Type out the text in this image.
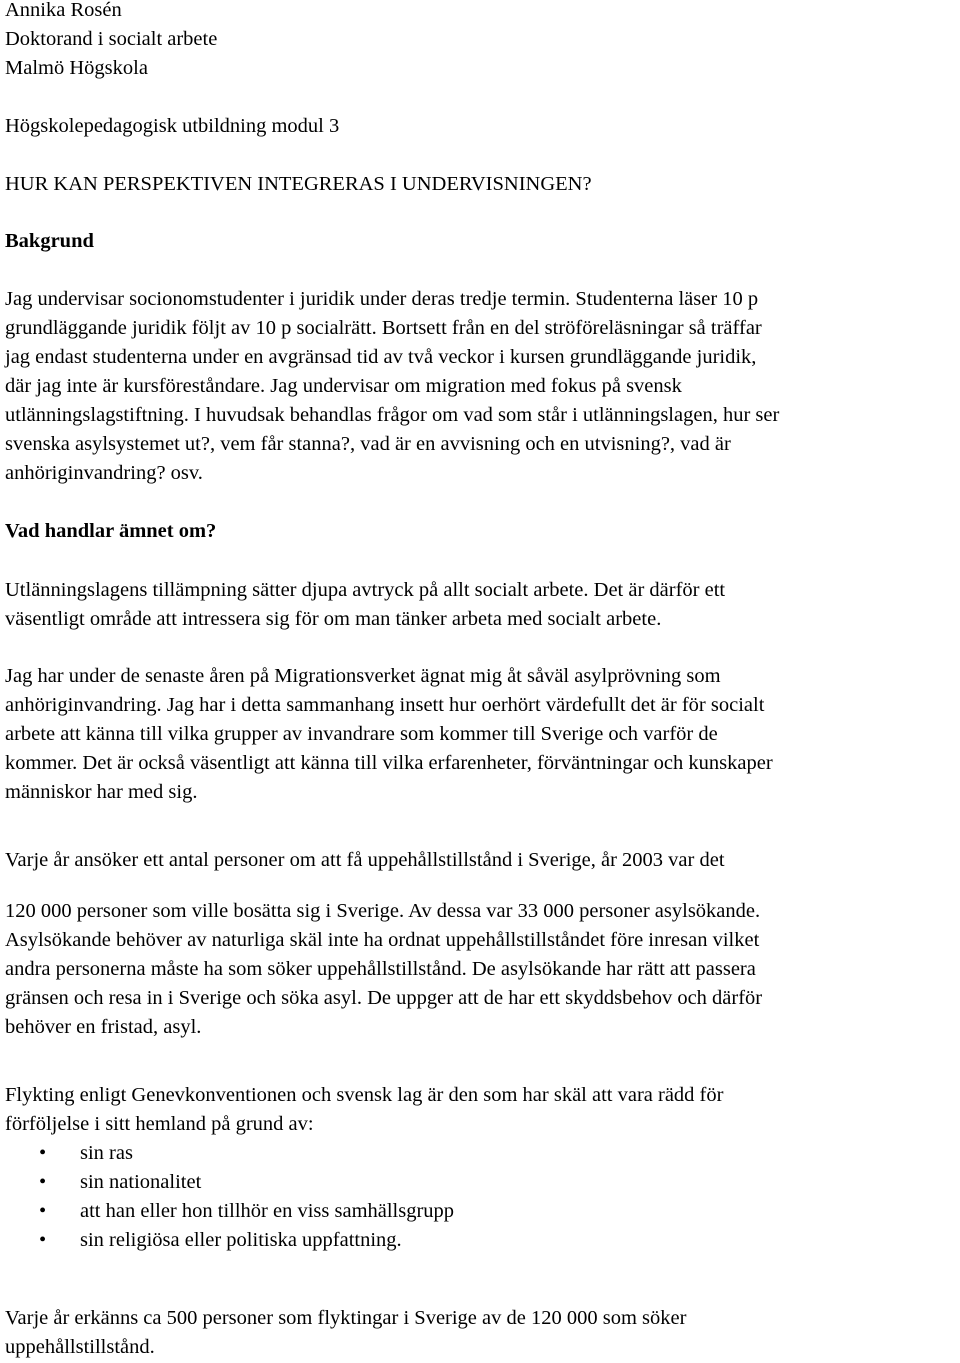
Annika Rosén
Doktorand i socialt arbete
Malmö Högskola
Högskolepedagogisk utbildning modul 3
HUR KAN PERSPEKTIVEN INTEGRERAS I UNDERVISNINGEN?
Bakgrund
Jag undervisar socionomstudenter i juridik under deras tredje termin. Studenterna läser 10 p
grundläggande juridik följt av 10 p socialrätt. Bortsett från en del ströföreläsningar så träffar
jag endast studenterna under en avgränsad tid av två veckor i kursen grundläggande juridik,
där jag inte är kursföreståndare. Jag undervisar om migration med fokus på svensk
utlänningslagstiftning. I huvudsak behandlas frågor om vad som står i utlänningslagen, hur ser
svenska asylsystemet ut?, vem får stanna?, vad är en avvisning och en utvisning?, vad är
anhöriginvandring? osv.
Vad handlar ämnet om?
Utlänningslagens tillämpning sätter djupa avtryck på allt socialt arbete. Det är därför ett
väsentligt område att intressera sig för om man tänker arbeta med socialt arbete.
Jag har under de senaste åren på Migrationsverket ägnat mig åt såväl asylprövning som
anhöriginvandring. Jag har i detta sammanhang insett hur oerhört värdefullt det är för socialt
arbete att känna till vilka grupper av invandrare som kommer till Sverige och varför de
kommer. Det är också väsentligt att känna till vilka erfarenheter, förväntningar och kunskaper
människor har med sig.
Varje år ansöker ett antal personer om att få uppehållstillstånd i Sverige, år 2003 var det
120 000 personer som ville bosätta sig i Sverige. Av dessa var 33 000 personer asylsökande.
Asylsökande behöver av naturliga skäl inte ha ordnat uppehållstillståndet före inresan vilket
andra personerna måste ha som söker uppehållstillstånd. De asylsökande har rätt att passera
gränsen och resa in i Sverige och söka asyl. De uppger att de har ett skyddsbehov och därför
behöver en fristad, asyl.
Flykting enligt Genevkonventionen och svensk lag är den som har skäl att vara rädd för
förföljelse i sitt hemland på grund av:
• sin ras
• sin nationalitet
• att han eller hon tillhör en viss samhällsgrupp
• sin religiösa eller politiska uppfattning.
Varje år erkänns ca 500 personer som flyktingar i Sverige av de 120 000 som söker
uppehållstillstånd.
